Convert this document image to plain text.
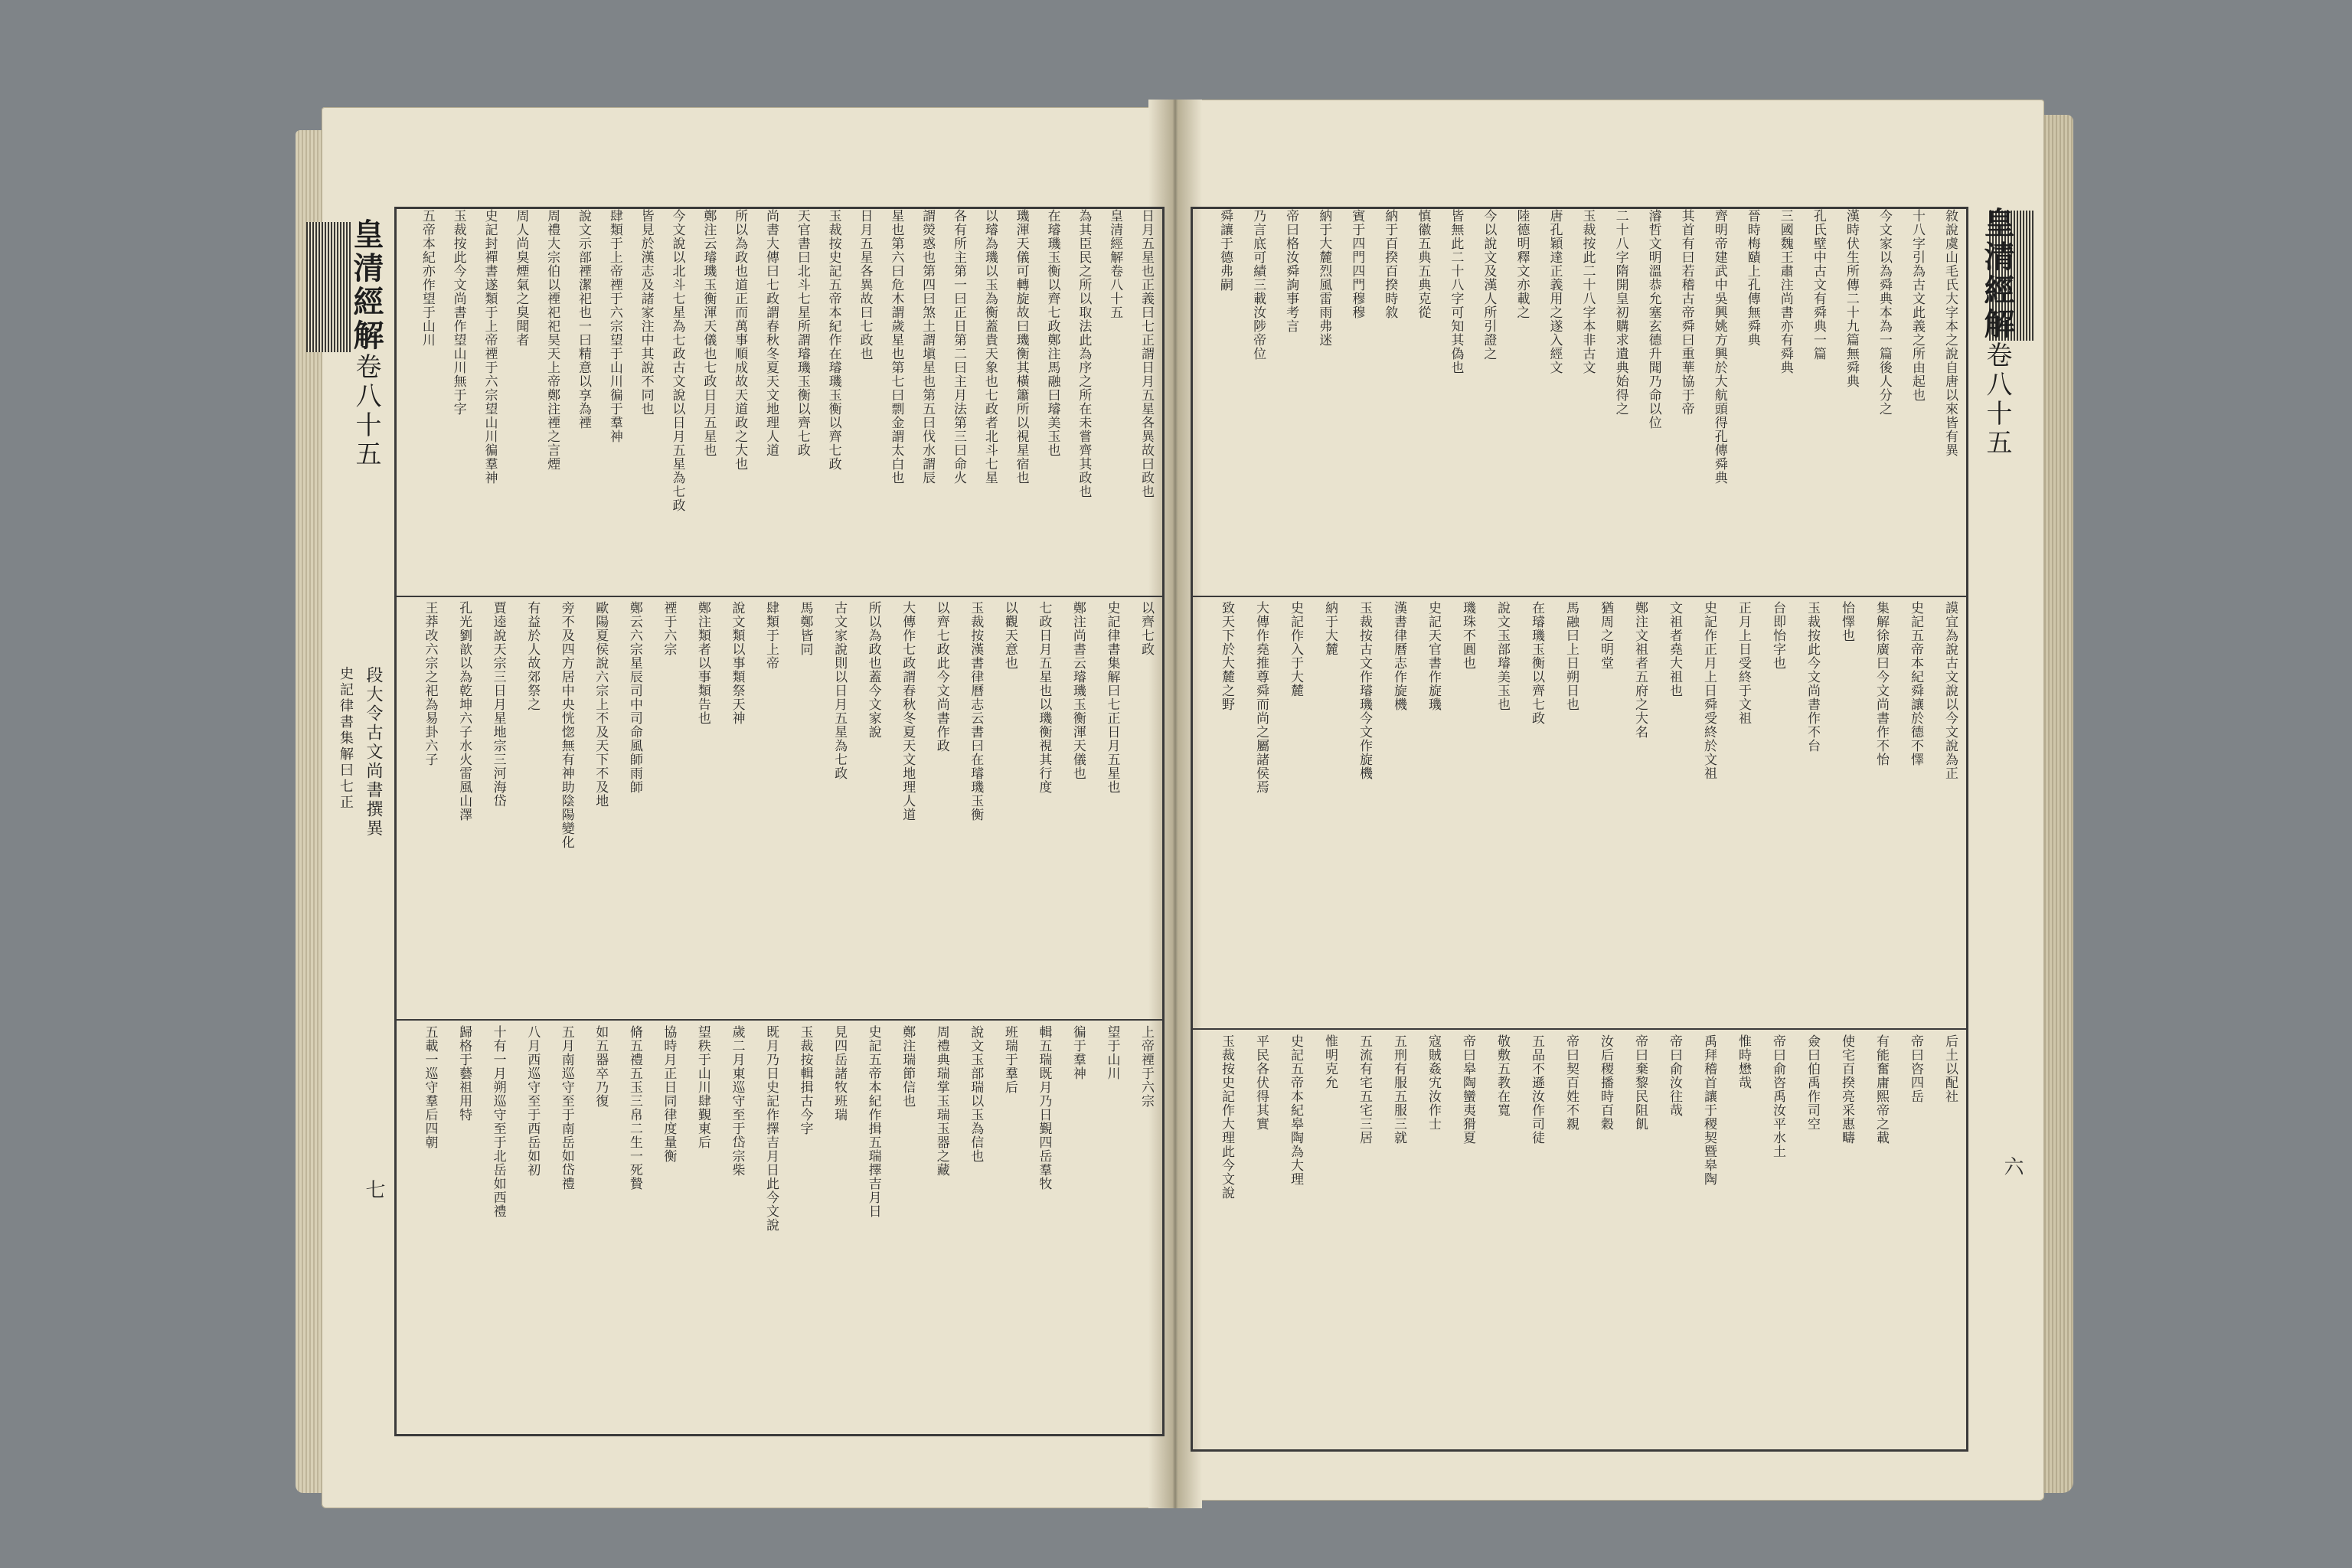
日月五星也正義曰七正謂日月五星各異故曰政也
皇清經解卷八十五
為其臣民之所以取法此為序之所在未嘗齊其政也
在璿璣玉衡以齊七政鄭注馬融曰璿美玉也
璣渾天儀可轉旋故曰璣衡其橫簫所以視星宿也
以璿為璣以玉為衡蓋貴天象也七政者北斗七星
各有所主第一曰正日第二曰主月法第三曰命火
謂熒惑也第四曰煞土謂塡星也第五曰伐水謂辰
星也第六曰危木謂歲星也第七曰剽金謂太白也
日月五星各異故曰七政也
玉裁按史記五帝本紀作在璿璣玉衡以齊七政
天官書曰北斗七星所謂璿璣玉衡以齊七政
尚書大傳曰七政謂春秋冬夏天文地理人道
所以為政也道正而萬事順成故天道政之大也
鄭注云璿璣玉衡渾天儀也七政日月五星也
今文說以北斗七星為七政古文說以日月五星為七政
皆見於漢志及諸家注中其說不同也
肆類于上帝禋于六宗望于山川徧于羣神
說文示部禋潔祀也一曰精意以享為禋
周禮大宗伯以禋祀祀昊天上帝鄭注禋之言煙
周人尚臭煙氣之臭聞者
史記封禪書遂類于上帝禋于六宗望山川徧羣神
玉裁按此今文尚書作望山川無于字
五帝本紀亦作望于山川
以齊七政
史記律書集解曰七正日月五星也
鄭注尚書云璿璣玉衡渾天儀也
七政日月五星也以璣衡視其行度
以觀天意也
玉裁按漢書律曆志云書曰在璿璣玉衡
以齊七政此今文尚書作政
大傳作七政謂春秋冬夏天文地理人道
所以為政也蓋今文家說
古文家說則以日月五星為七政
馬鄭皆同
肆類于上帝
說文類以事類祭天神
鄭注類者以事類告也
禋于六宗
鄭云六宗星辰司中司命風師雨師
歐陽夏侯說六宗上不及天下不及地
旁不及四方居中央恍惚無有神助陰陽變化
有益於人故郊祭之
賈逵說天宗三日月星地宗三河海岱
孔光劉歆以為乾坤六子水火雷風山澤
王莽改六宗之祀為易卦六子
上帝禋于六宗
望于山川
徧于羣神
輯五瑞既月乃日覲四岳羣牧
班瑞于羣后
說文玉部瑞以玉為信也
周禮典瑞掌玉瑞玉器之藏
鄭注瑞節信也
史記五帝本紀作揖五瑞擇吉月日
見四岳諸牧班瑞
玉裁按輯揖古今字
既月乃日史記作擇吉月日此今文說
歲二月東巡守至于岱宗柴
望秩于山川肆覲東后
協時月正日同律度量衡
脩五禮五玉三帛二生一死贄
如五器卒乃復
五月南巡守至于南岳如岱禮
八月西巡守至于西岳如初
十有一月朔巡守至于北岳如西禮
歸格于藝祖用特
五載一巡守羣后四朝
皇清經解卷八十五
段大令古文尚書撰異
史記律書集解曰七正
七
敘說虞山毛氏大字本之說自唐以來皆有異
十八字引為古文此義之所由起也
今文家以為舜典本為一篇後人分之
漢時伏生所傳二十九篇無舜典
孔氏壁中古文有舜典一篇
三國魏王肅注尚書亦有舜典
晉時梅賾上孔傳無舜典
齊明帝建武中吳興姚方興於大航頭得孔傳舜典
其首有曰若稽古帝舜曰重華協于帝
濬哲文明溫恭允塞玄德升聞乃命以位
二十八字隋開皇初購求遺典始得之
玉裁按此二十八字本非古文
唐孔穎達正義用之遂入經文
陸德明釋文亦載之
今以說文及漢人所引證之
皆無此二十八字可知其偽也
慎徽五典五典克從
納于百揆百揆時敘
賓于四門四門穆穆
納于大麓烈風雷雨弗迷
帝曰格汝舜詢事考言
乃言底可績三載汝陟帝位
舜讓于德弗嗣
謨宜為說古文說以今文說為正
史記五帝本紀舜讓於德不懌
集解徐廣曰今文尚書作不怡
怡懌也
玉裁按此今文尚書作不台
台即怡字也
正月上日受終于文祖
史記作正月上日舜受終於文祖
文祖者堯大祖也
鄭注文祖者五府之大名
猶周之明堂
馬融曰上日朔日也
在璿璣玉衡以齊七政
說文玉部璿美玉也
璣珠不圓也
史記天官書作旋璣
漢書律曆志作旋機
玉裁按古文作璿璣今文作旋機
納于大麓
史記作入于大麓
大傳作堯推尊舜而尚之屬諸侯焉
致天下於大麓之野
后土以配社
帝曰咨四岳
有能奮庸熙帝之載
使宅百揆亮采惠疇
僉曰伯禹作司空
帝曰俞咨禹汝平水土
惟時懋哉
禹拜稽首讓于稷契暨皋陶
帝曰俞汝往哉
帝曰棄黎民阻飢
汝后稷播時百穀
帝曰契百姓不親
五品不遜汝作司徒
敬敷五教在寬
帝曰皋陶蠻夷猾夏
寇賊姦宄汝作士
五刑有服五服三就
五流有宅五宅三居
惟明克允
史記五帝本紀皋陶為大理
平民各伏得其實
玉裁按史記作大理此今文說
皇清經解卷八十五
六
